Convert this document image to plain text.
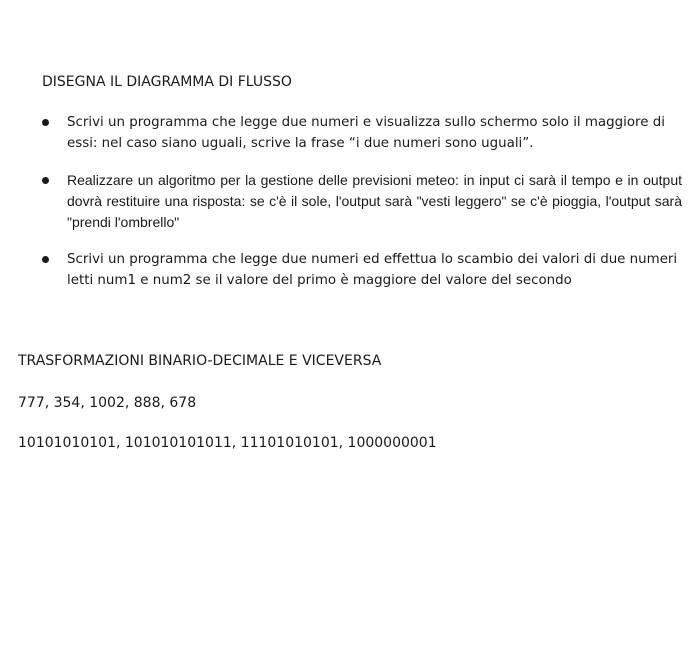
DISEGNA IL DIAGRAMMA DI FLUSSO
Scrivi un programma che legge due numeri e visualizza sullo schermo solo il maggiore di essi: nel caso siano uguali, scrive la frase “i due numeri sono uguali”.
Realizzare un algoritmo per la gestione delle previsioni meteo: in input ci sarà il tempo e in output dovrà restituire una risposta: se c'è il sole, l'output sarà "vesti leggero" se c'è pioggia, l'output sarà "prendi l'ombrello"
Scrivi un programma che legge due numeri ed effettua lo scambio dei valori di due numeri letti num1 e num2 se il valore del primo è maggiore del valore del secondo
TRASFORMAZIONI BINARIO-DECIMALE E VICEVERSA
777, 354, 1002, 888, 678
10101010101, 101010101011, 11101010101, 1000000001
